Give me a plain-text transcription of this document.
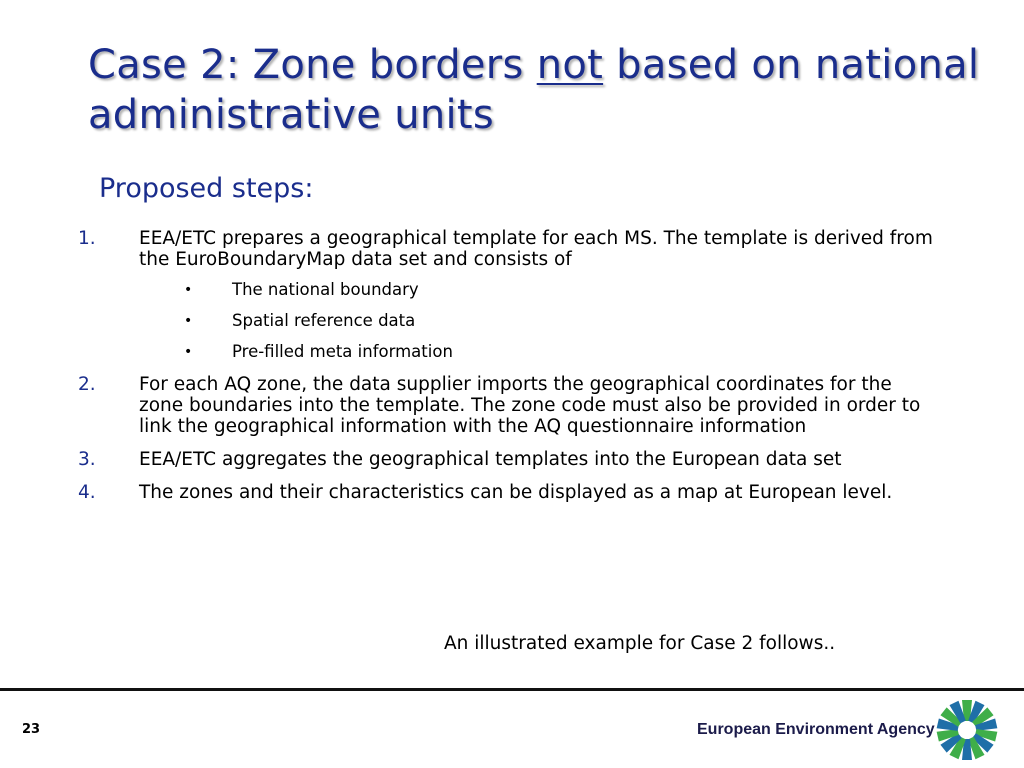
Case 2: Zone borders not based on national administrative units
Proposed steps:
1. EEA/ETC prepares a geographical template for each MS. The template is derived from the EuroBoundaryMap data set and consists of
• The national boundary
• Spatial reference data
• Pre-filled meta information
2. For each AQ zone, the data supplier imports the geographical coordinates for the zone boundaries into the template. The zone code must also be provided in order to link the geographical information with the AQ questionnaire information
3. EEA/ETC aggregates the geographical templates into the European data set
4. The zones and their characteristics can be displayed as a map at European level.
An illustrated example for Case 2 follows..
23	European Environment Agency
